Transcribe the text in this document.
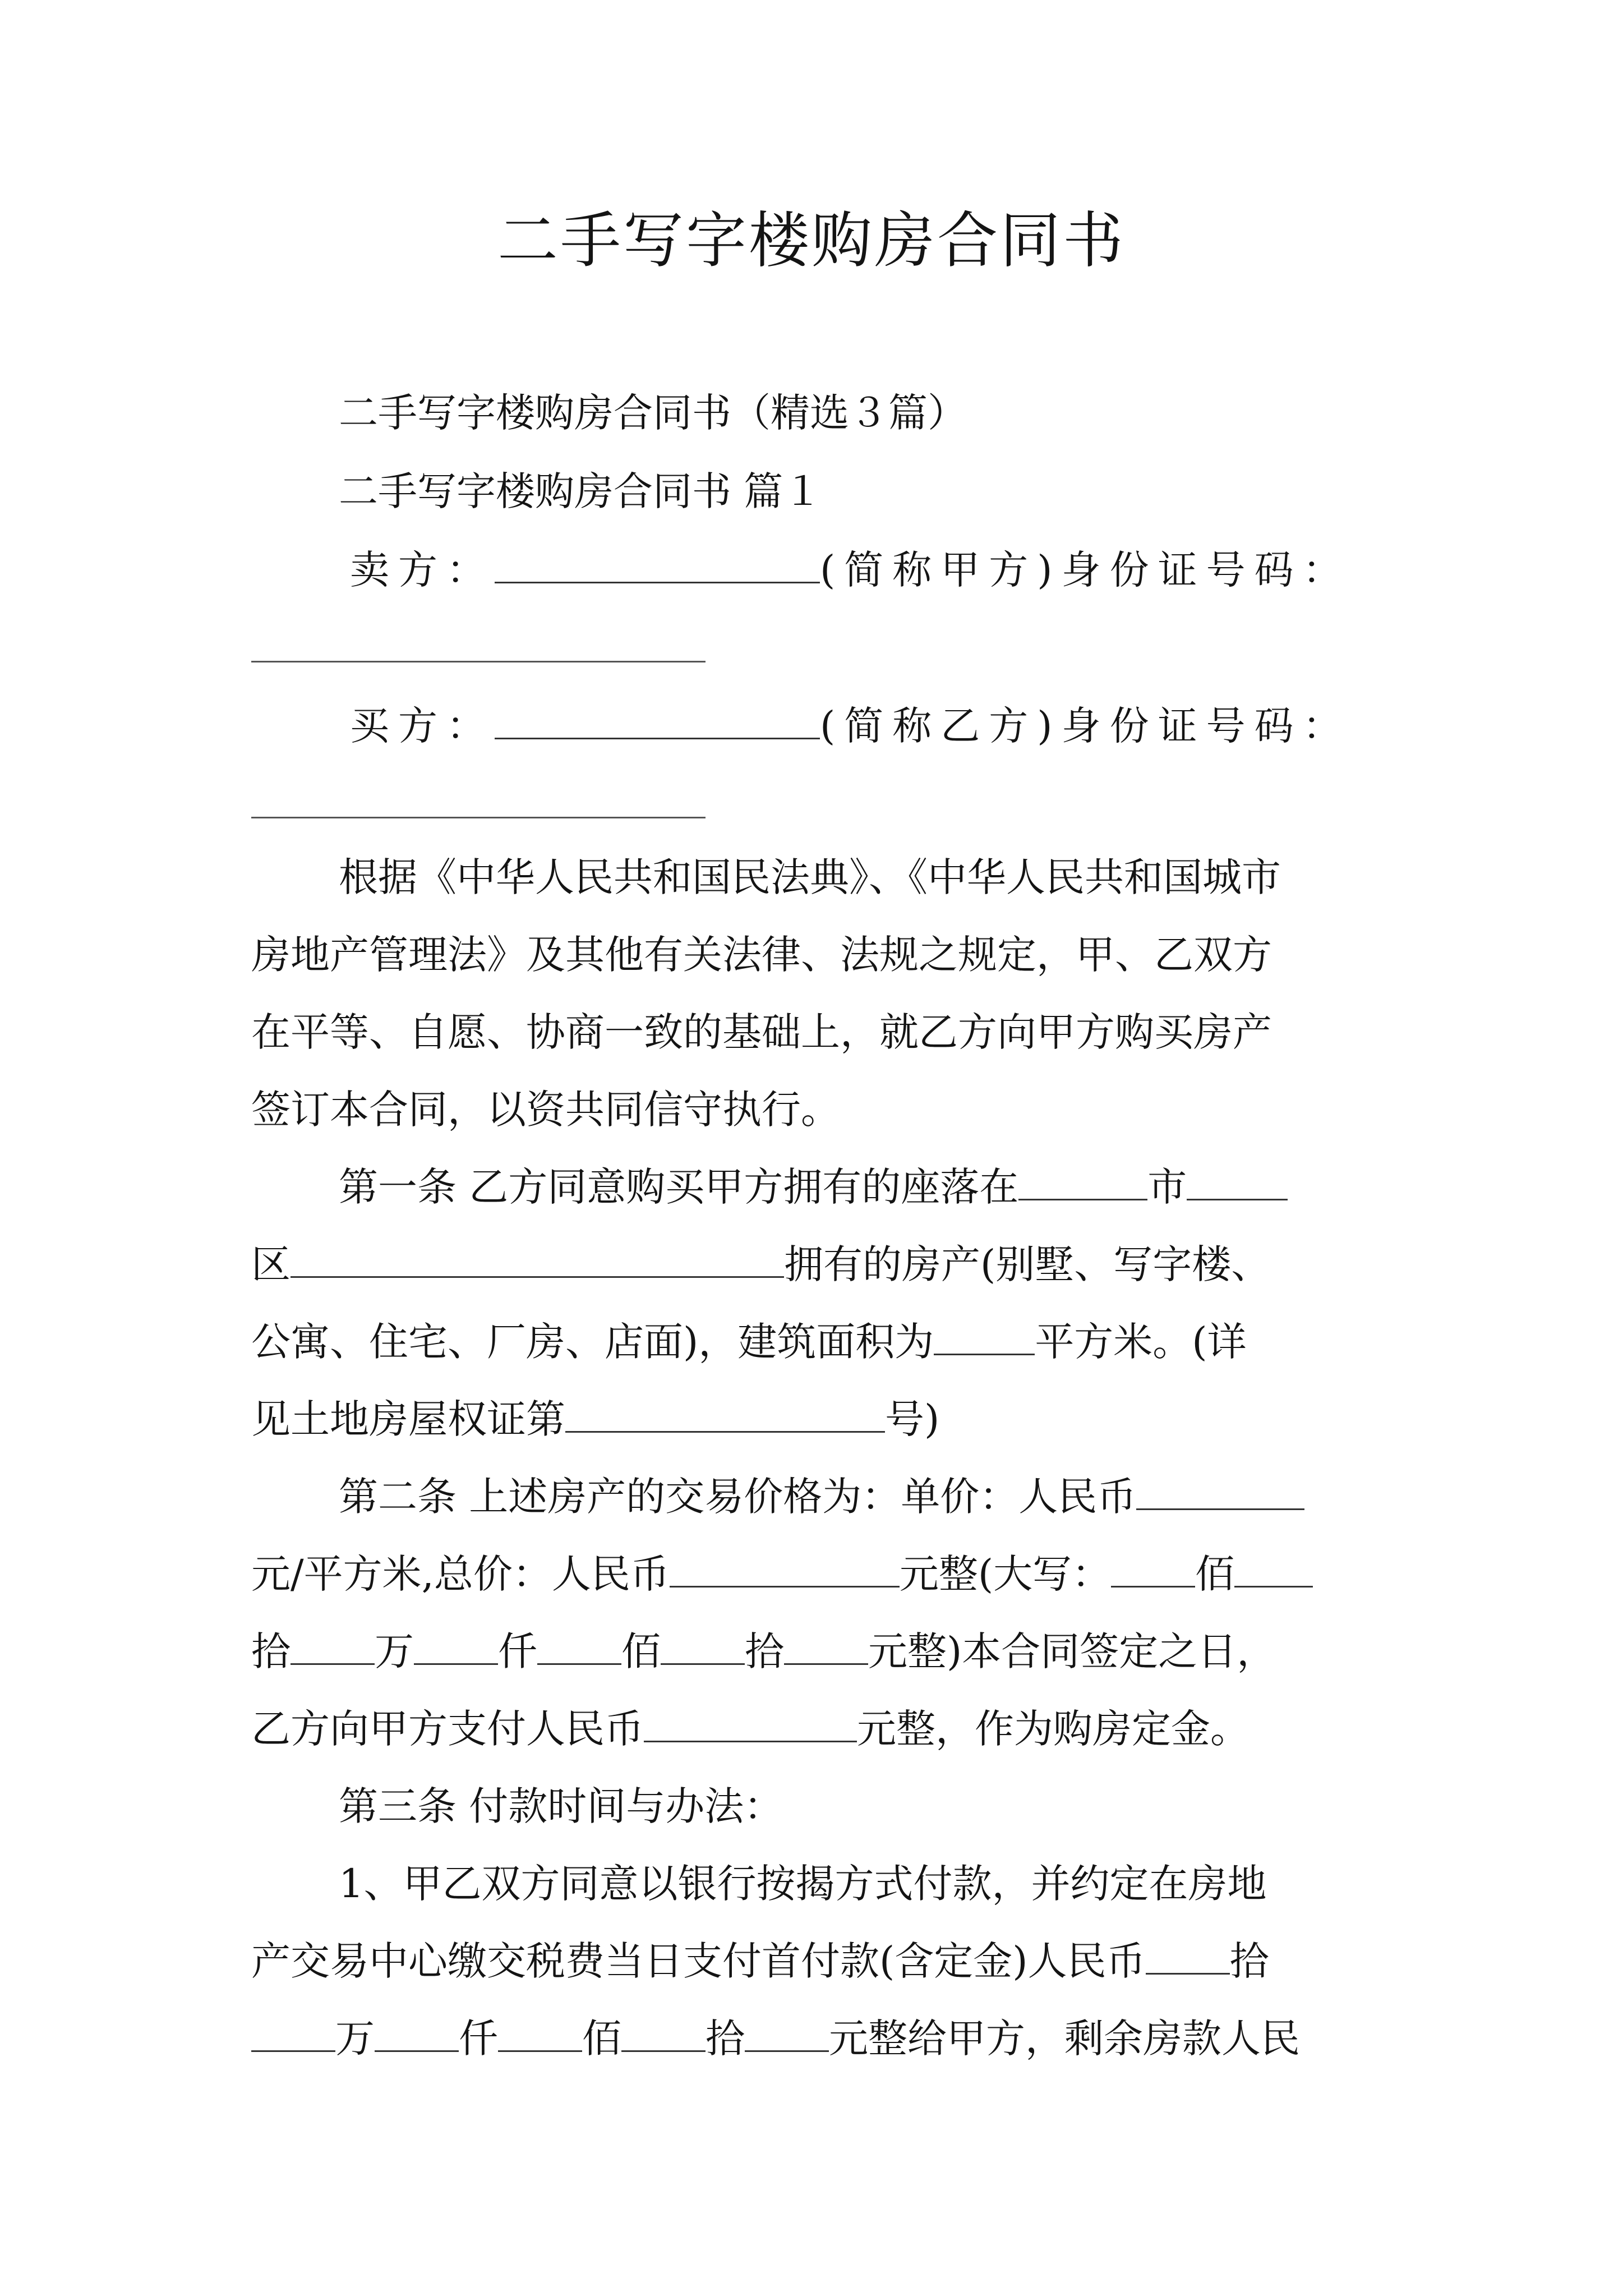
二手写字楼购房合同书
二手写字楼购房合同书（精选３篇）
二手写字楼购房合同书 篇１
卖方：	(简称甲方)身份证号码：
买方：	(简称乙方)身份证号码：
根据《中华人民共和国民法典》、《中华人民共和国城市
房地产管理法》及其他有关法律、法规之规定，甲、乙双方
在平等、自愿、协商一致的基础上，就乙方向甲方购买房产
签订本合同，以资共同信守执行。
第一条 乙方同意购买甲方拥有的座落在	市
区	拥有的房产(别墅、写字楼、
公寓、住宅、厂房、店面)，建筑面积为	平方米。(详
见土地房屋权证第	号)
第二条 上述房产的交易价格为：单价：人民币
元/平方米,总价：人民币	元整(大写： 佰
拾 万 仟 佰 拾 元整)本合同签定之日，
乙方向甲方支付人民币	元整，作为购房定金。
第三条 付款时间与办法：
1、甲乙双方同意以银行按揭方式付款，并约定在房地
产交易中心缴交税费当日支付首付款(含定金)人民币 拾
万 仟 佰 拾 元整给甲方，剩余房款人民
